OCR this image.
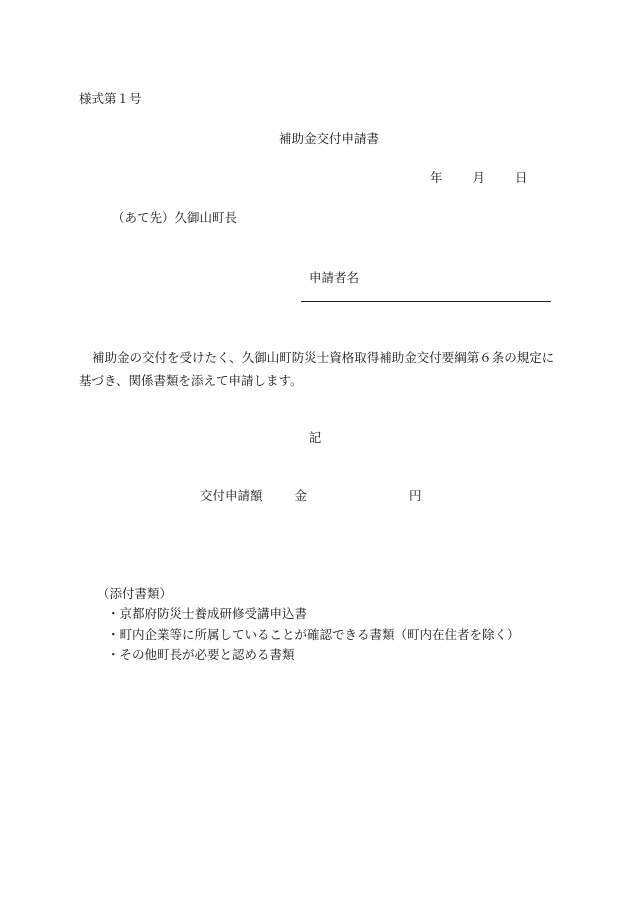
様式第１号
補助金交付申請書
年 月 日
（あて先）久御山町長
申請者名
補助金の交付を受けたく、久御山町防災士資格取得補助金交付要綱第６条の規定に基づき、関係書類を添えて申請します。
記
交付申請額	金	円
（添付書類）
・京都府防災士養成研修受講申込書
・町内企業等に所属していることが確認できる書類（町内在住者を除く）
・その他町長が必要と認める書類
